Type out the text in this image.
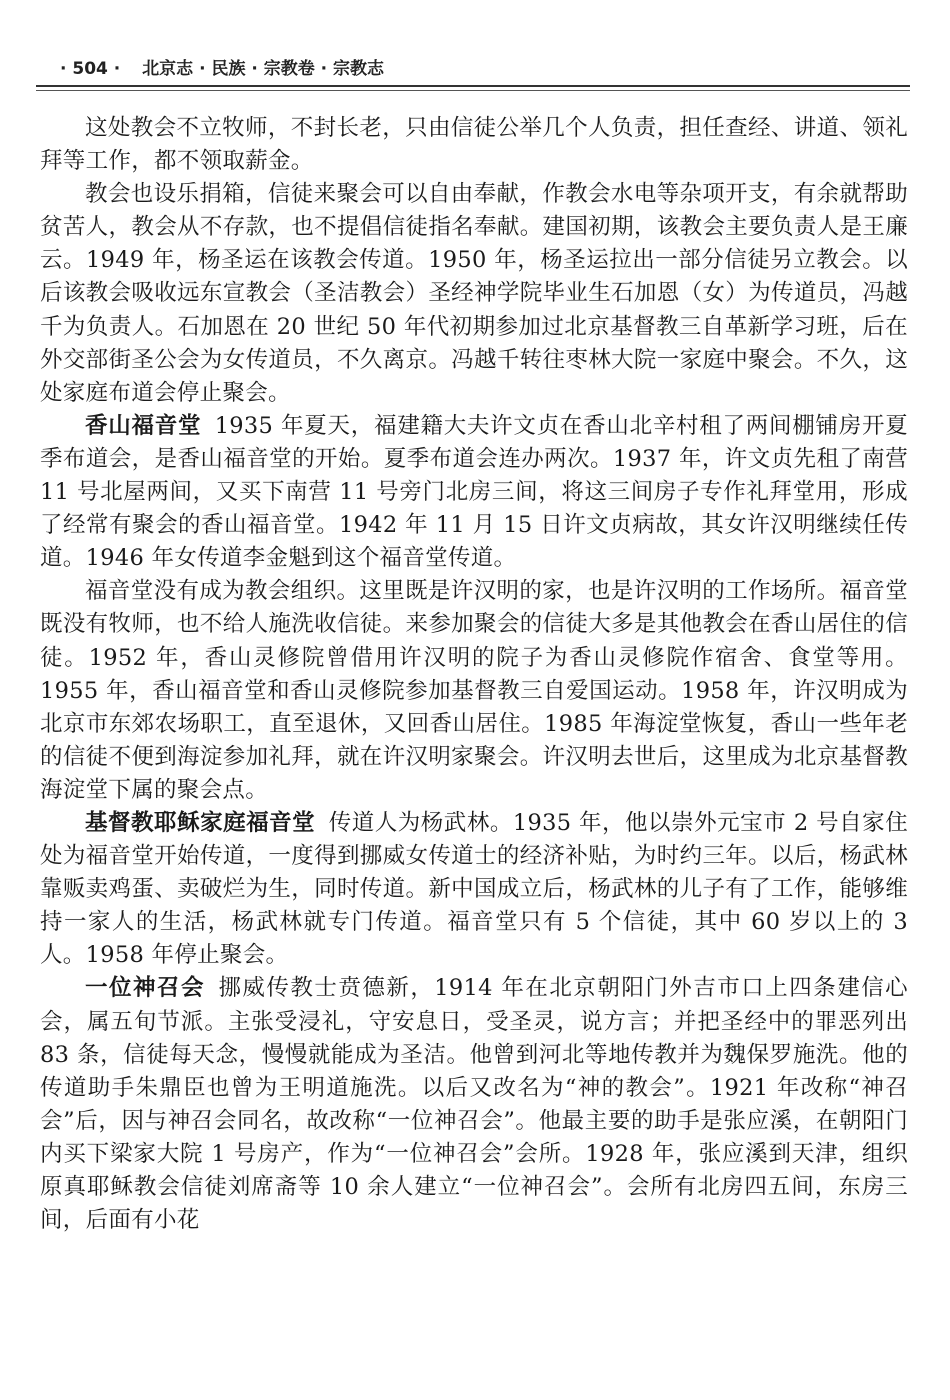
· 504 · 北京志 · 民族 · 宗教卷 · 宗教志

这处教会不立牧师，不封长老，只由信徒公举几个人负责，担任查经、讲道、领礼拜等工作，都不领取薪金。

教会也设乐捐箱，信徒来聚会可以自由奉献，作教会水电等杂项开支，有余就帮助贫苦人，教会从不存款，也不提倡信徒指名奉献。建国初期，该教会主要负责人是王廉云。1949 年，杨圣运在该教会传道。1950 年，杨圣运拉出一部分信徒另立教会。以后该教会吸收远东宣教会（圣洁教会）圣经神学院毕业生石加恩（女）为传道员，冯越千为负责人。石加恩在 20 世纪 50 年代初期参加过北京基督教三自革新学习班，后在外交部街圣公会为女传道员，不久离京。冯越千转往枣林大院一家庭中聚会。不久，这处家庭布道会停止聚会。

香山福音堂 1935 年夏天，福建籍大夫许文贞在香山北辛村租了两间棚铺房开夏季布道会，是香山福音堂的开始。夏季布道会连办两次。1937 年，许文贞先租了南营 11 号北屋两间，又买下南营 11 号旁门北房三间，将这三间房子专作礼拜堂用，形成了经常有聚会的香山福音堂。1942 年 11 月 15 日许文贞病故，其女许汉明继续任传道。1946 年女传道李金魁到这个福音堂传道。

福音堂没有成为教会组织。这里既是许汉明的家，也是许汉明的工作场所。福音堂既没有牧师，也不给人施洗收信徒。来参加聚会的信徒大多是其他教会在香山居住的信徒。1952 年，香山灵修院曾借用许汉明的院子为香山灵修院作宿舍、食堂等用。1955 年，香山福音堂和香山灵修院参加基督教三自爱国运动。1958 年，许汉明成为北京市东郊农场职工，直至退休，又回香山居住。1985 年海淀堂恢复，香山一些年老的信徒不便到海淀参加礼拜，就在许汉明家聚会。许汉明去世后，这里成为北京基督教海淀堂下属的聚会点。

基督教耶稣家庭福音堂 传道人为杨武林。1935 年，他以崇外元宝市 2 号自家住处为福音堂开始传道，一度得到挪威女传道士的经济补贴，为时约三年。以后，杨武林靠贩卖鸡蛋、卖破烂为生，同时传道。新中国成立后，杨武林的儿子有了工作，能够维持一家人的生活，杨武林就专门传道。福音堂只有 5 个信徒，其中 60 岁以上的 3 人。1958 年停止聚会。

一位神召会 挪威传教士贲德新，1914 年在北京朝阳门外吉市口上四条建信心会，属五旬节派。主张受浸礼，守安息日，受圣灵，说方言；并把圣经中的罪恶列出 83 条，信徒每天念，慢慢就能成为圣洁。他曾到河北等地传教并为魏保罗施洗。他的传道助手朱鼎臣也曾为王明道施洗。以后又改名为“神的教会”。1921 年改称“神召会”后，因与神召会同名，故改称“一位神召会”。他最主要的助手是张应溪，在朝阳门内买下梁家大院 1 号房产，作为“一位神召会”会所。1928 年，张应溪到天津，组织原真耶稣教会信徒刘席斋等 10 余人建立“一位神召会”。会所有北房四五间，东房三间，后面有小花
